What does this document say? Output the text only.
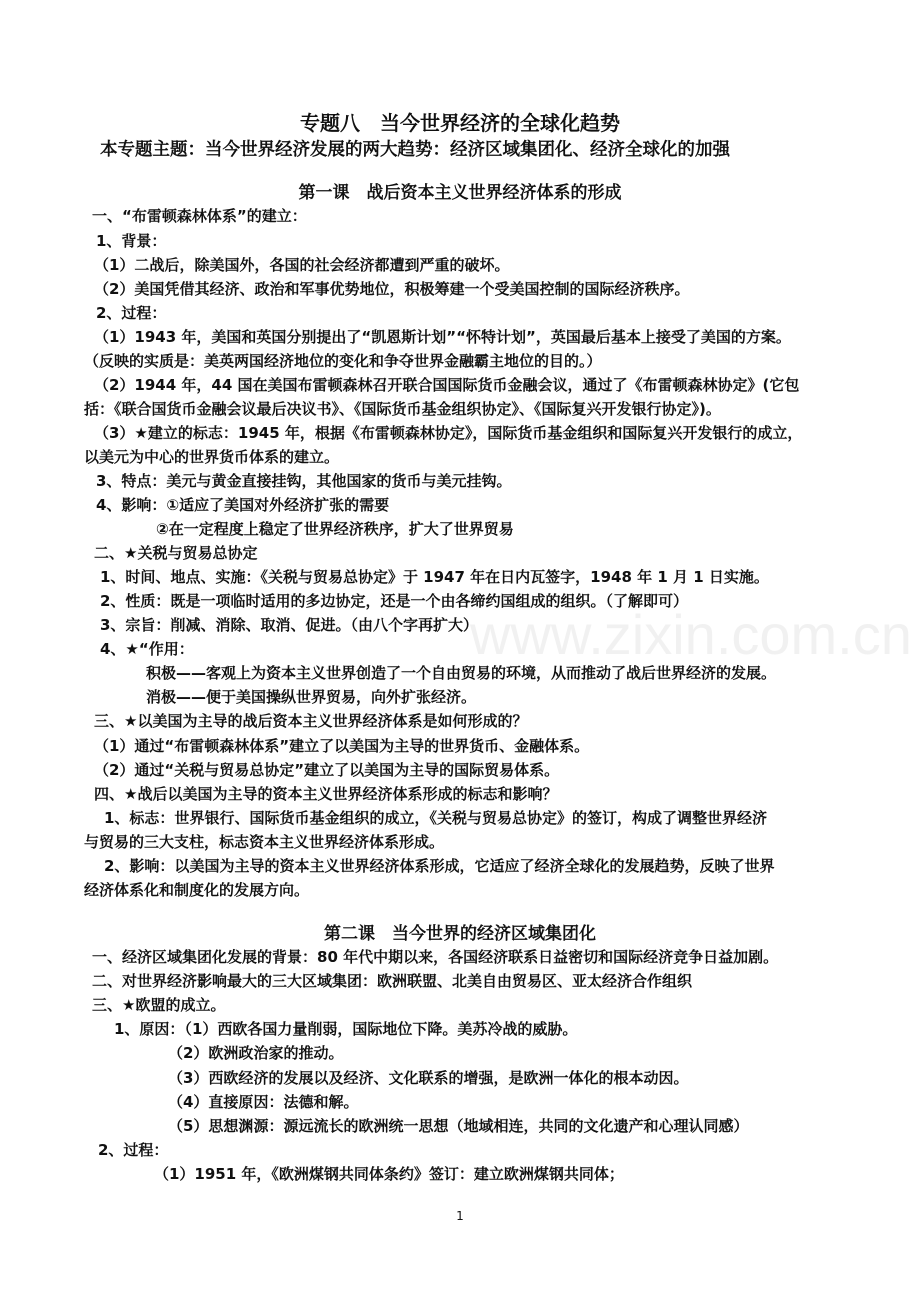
www.zixin.com.cn
专题八　当今世界经济的全球化趋势
本专题主题：当今世界经济发展的两大趋势：经济区域集团化、经济全球化的加强
第一课　战后资本主义世界经济体系的形成
一、“布雷顿森林体系”的建立：
1、背景：
（1）二战后，除美国外，各国的社会经济都遭到严重的破坏。
（2）美国凭借其经济、政治和军事优势地位，积极筹建一个受美国控制的国际经济秩序。
2、过程：
（1）1943 年，美国和英国分别提出了“凯恩斯计划”“怀特计划”，英国最后基本上接受了美国的方案。
（反映的实质是：美英两国经济地位的变化和争夺世界金融霸主地位的目的。）
（2）1944 年，44 国在美国布雷顿森林召开联合国国际货币金融会议，通过了《布雷顿森林协定》(它包
括：《联合国货币金融会议最后决议书》、《国际货币基金组织协定》、《国际复兴开发银行协定》)。
（3）★建立的标志：1945 年，根据《布雷顿森林协定》，国际货币基金组织和国际复兴开发银行的成立，
以美元为中心的世界货币体系的建立。
3、特点：美元与黄金直接挂钩，其他国家的货币与美元挂钩。
4、影响：①适应了美国对外经济扩张的需要
②在一定程度上稳定了世界经济秩序，扩大了世界贸易
二、★关税与贸易总协定
1、时间、地点、实施：《关税与贸易总协定》于 1947 年在日内瓦签字，1948 年 1 月 1 日实施。
2、性质：既是一项临时适用的多边协定，还是一个由各缔约国组成的组织。（了解即可）
3、宗旨：削减、消除、取消、促进。（由八个字再扩大）
4、★“作用：
积极——客观上为资本主义世界创造了一个自由贸易的环境，从而推动了战后世界经济的发展。
消极——便于美国操纵世界贸易，向外扩张经济。
三、★以美国为主导的战后资本主义世界经济体系是如何形成的？
（1）通过“布雷顿森林体系”建立了以美国为主导的世界货币、金融体系。
（2）通过“关税与贸易总协定”建立了以美国为主导的国际贸易体系。
四、★战后以美国为主导的资本主义世界经济体系形成的标志和影响？
1、标志：世界银行、国际货币基金组织的成立，《关税与贸易总协定》的签订，构成了调整世界经济
与贸易的三大支柱，标志资本主义世界经济体系形成。
2、影响：以美国为主导的资本主义世界经济体系形成，它适应了经济全球化的发展趋势，反映了世界
经济体系化和制度化的发展方向。
第二课　当今世界的经济区域集团化
一、经济区域集团化发展的背景：80 年代中期以来，各国经济联系日益密切和国际经济竞争日益加剧。
二、对世界经济影响最大的三大区域集团：欧洲联盟、北美自由贸易区、亚太经济合作组织
三、★欧盟的成立。
1、原因：（1）西欧各国力量削弱，国际地位下降。美苏冷战的威胁。
（2）欧洲政治家的推动。
（3）西欧经济的发展以及经济、文化联系的增强，是欧洲一体化的根本动因。
（4）直接原因：法德和解。
（5）思想渊源：源远流长的欧洲统一思想（地域相连，共同的文化遗产和心理认同感）
2、过程：
（1）1951 年，《欧洲煤钢共同体条约》签订：建立欧洲煤钢共同体；
1
